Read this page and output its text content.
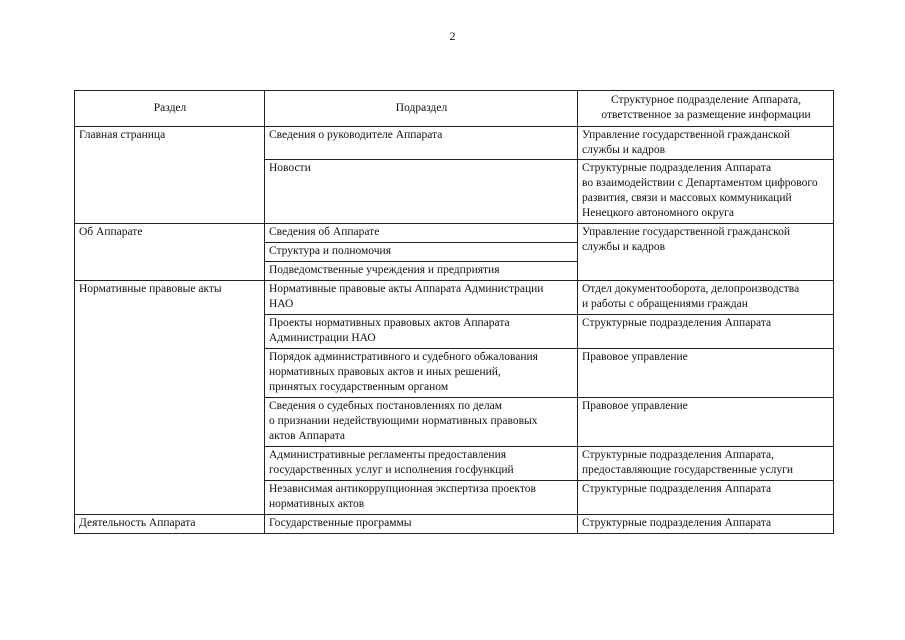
2
Раздел	Подраздел	Структурное подразделение Аппарата,
ответственное за размещение информации

Главная страница	Сведения о руководителе Аппарата	Управление государственной гражданской
службы и кадров

	Новости	Структурные подразделения Аппарата
во взаимодействии с Департаментом цифрового
развития, связи и массовых коммуникаций
Ненецкого автономного округа

Об Аппарате	Сведения об Аппарате	Управление государственной гражданской
службы и кадров

	Структура и полномочия	

	Подведомственные учреждения и предприятия	

Нормативные правовые акты	Нормативные правовые акты Аппарата Администрации
НАО	Отдел документооборота, делопроизводства
и работы с обращениями граждан

	Проекты нормативных правовых актов Аппарата
Администрации НАО	Структурные подразделения Аппарата

	Порядок административного и судебного обжалования
нормативных правовых актов и иных решений,
принятых государственным органом	Правовое управление

	Сведения о судебных постановлениях по делам
о признании недействующими нормативных правовых
актов Аппарата	Правовое управление

	Административные регламенты предоставления
государственных услуг и исполнения госфункций	Структурные подразделения Аппарата,
предоставляющие государственные услуги

	Независимая антикоррупционная экспертиза проектов
нормативных актов	Структурные подразделения Аппарата

Деятельность Аппарата	Государственные программы	Структурные подразделения Аппарата
